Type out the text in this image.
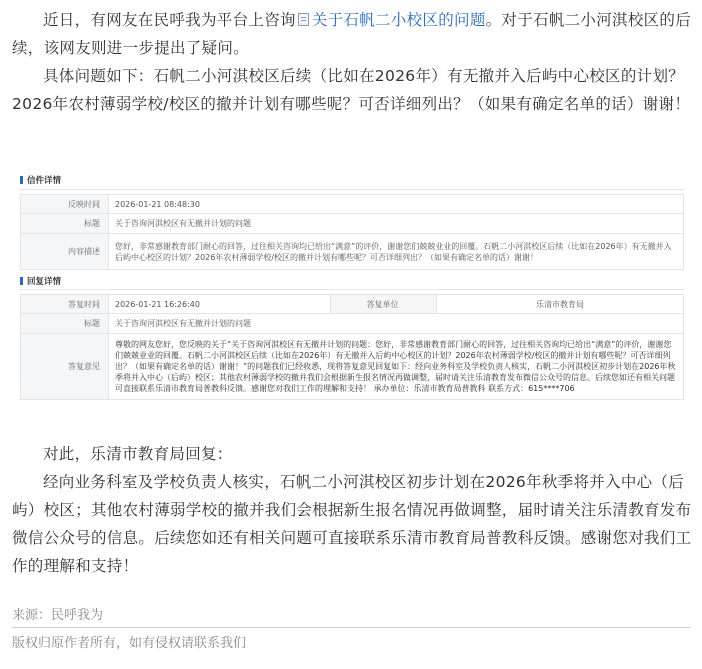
近日，有网友在民呼我为平台上咨询 关于石帆二小校区的问题。对于石帆二小河淇校区的后续，该网友则进一步提出了疑问。

具体问题如下：石帆二小河淇校区后续（比如在2026年）有无撤并入后屿中心校区的计划？2026年农村薄弱学校/校区的撤并计划有哪些呢？可否详细列出？（如果有确定名单的话）谢谢！

信件详情
反映时间	2026-01-21 08:48:30
标题	关于咨询河淇校区有无撤并计划的问题
内容描述	您好，非常感谢教育部门耐心的回答，过往相关咨询均已给出“满意”的评价，谢谢您们兢兢业业的回覆。石帆二小河淇校区后续（比如在2026年）有无撤并入后屿中心校区的计划？2026年农村薄弱学校/校区的撤并计划有哪些呢？可否详细列出？（如果有确定名单的话）谢谢！
回复详情
答复时间	2026-01-21 16:26:40	答复单位	乐清市教育局
标题	关于咨询河淇校区有无撤并计划的问题		
答复意见	尊敬的网友您好，您反映的关于“关于咨询河淇校区有无撤并计划的问题：您好，非常感谢教育部门耐心的回答，过往相关咨询均已给出“满意”的评价，谢谢您们兢兢业业的回覆。石帆二小河淇校区后续（比如在2026年）有无撤并入后屿中心校区的计划？2026年农村薄弱学校/校区的撤并计划有哪些呢？可否详细列出？（如果有确定名单的话）谢谢！”的问题我们已经收悉，现将答复意见回复如下：经向业务科室及学校负责人核实，石帆二小河淇校区初步计划在2026年秋季将并入中心（后屿）校区；其他农村薄弱学校的撤并我们会根据新生报名情况再做调整，届时请关注乐清教育发布微信公众号的信息。后续您如还有相关问题可直接联系乐清市教育局普教科反馈。感谢您对我们工作的理解和支持！ 承办单位：乐清市教育局普教科 联系方式：615****706		

对此，乐清市教育局回复：

经向业务科室及学校负责人核实，石帆二小河淇校区初步计划在2026年秋季将并入中心（后屿）校区；其他农村薄弱学校的撤并我们会根据新生报名情况再做调整，届时请关注乐清教育发布微信公众号的信息。后续您如还有相关问题可直接联系乐清市教育局普教科反馈。感谢您对我们工作的理解和支持！

来源：民呼我为

版权归原作者所有，如有侵权请联系我们
